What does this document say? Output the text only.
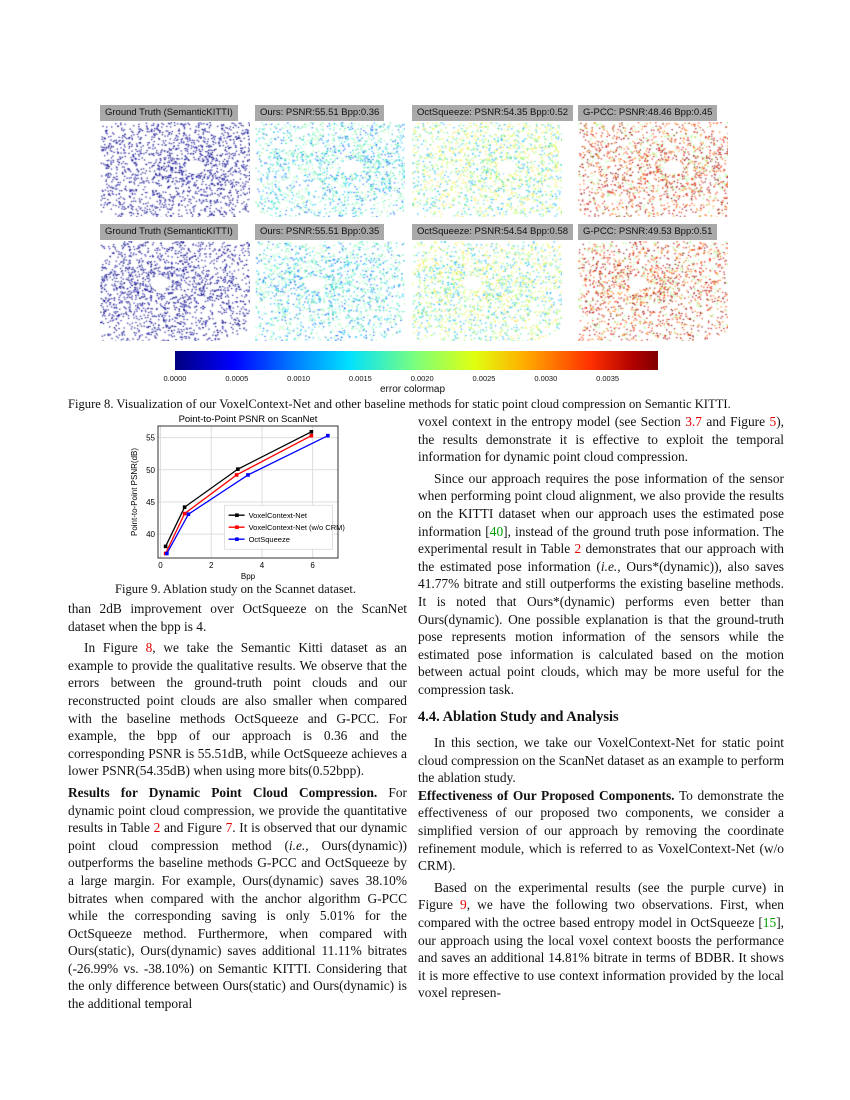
Ground Truth (SemanticKITTI)	Ours: PSNR:55.51 Bpp:0.36	OctSqueeze: PSNR:54.35 Bpp:0.52	G-PCC: PSNR:48.46 Bpp:0.45
Ground Truth (SemanticKITTI)	Ours: PSNR:55.51 Bpp:0.35	OctSqueeze: PSNR:54.54 Bpp:0.58	G-PCC: PSNR:49.53 Bpp:0.51
0.0000	0.0005	0.0010	0.0015	0.0020	0.0025	0.0030	0.0035
error colormap
Figure 8. Visualization of our VoxelContext-Net and other baseline methods for static point cloud compression on Semantic KITTI.
0	2	4	6
40
45
50
55
Point-to-Point PSNR on ScanNet
Bpp
Point-to-Point PSNR(dB)	VoxelContext-Net
VoxelContext-Net (w/o CRM)
OctSqueeze
Figure 9. Ablation study on the Scannet dataset.

than 2dB improvement over OctSqueeze on the ScanNet dataset when the bpp is 4.

In Figure 8, we take the Semantic Kitti dataset as an example to provide the qualitative results. We observe that the errors between the ground-truth point clouds and our reconstructed point clouds are also smaller when compared with the baseline methods OctSqueeze and G-PCC. For example, the bpp of our approach is 0.36 and the corresponding PSNR is 55.51dB, while OctSqueeze achieves a lower PSNR(54.35dB) when using more bits(0.52bpp).

Results for Dynamic Point Cloud Compression. For dynamic point cloud compression, we provide the quantitative results in Table 2 and Figure 7. It is observed that our dynamic point cloud compression method (i.e., Ours(dynamic)) outperforms the baseline methods G-PCC and OctSqueeze by a large margin. For example, Ours(dynamic) saves 38.10% bitrates when compared with the anchor algorithm G-PCC while the corresponding saving is only 5.01% for the OctSqueeze method. Furthermore, when compared with Ours(static), Ours(dynamic) saves additional 11.11% bitrates (-26.99% vs. -38.10%) on Semantic KITTI. Considering that the only difference between Ours(static) and Ours(dynamic) is the additional temporal

voxel context in the entropy model (see Section 3.7 and Figure 5), the results demonstrate it is effective to exploit the temporal information for dynamic point cloud compression.

Since our approach requires the pose information of the sensor when performing point cloud alignment, we also provide the results on the KITTI dataset when our approach uses the estimated pose information [40], instead of the ground truth pose information. The experimental result in Table 2 demonstrates that our approach with the estimated pose information (i.e., Ours*(dynamic)), also saves 41.77% bitrate and still outperforms the existing baseline methods. It is noted that Ours*(dynamic) performs even better than Ours(dynamic). One possible explanation is that the ground-truth pose represents motion information of the sensors while the estimated pose information is calculated based on the motion between actual point clouds, which may be more useful for the compression task.

4.4. Ablation Study and Analysis

In this section, we take our VoxelContext-Net for static point cloud compression on the ScanNet dataset as an example to perform the ablation study.

Effectiveness of Our Proposed Components. To demonstrate the effectiveness of our proposed two components, we consider a simplified version of our approach by removing the coordinate refinement module, which is referred to as VoxelContext-Net (w/o CRM).

Based on the experimental results (see the purple curve) in Figure 9, we have the following two observations. First, when compared with the octree based entropy model in OctSqueeze [15], our approach using the local voxel context boosts the performance and saves an additional 14.81% bitrate in terms of BDBR. It shows it is more effective to use context information provided by the local voxel represen-
